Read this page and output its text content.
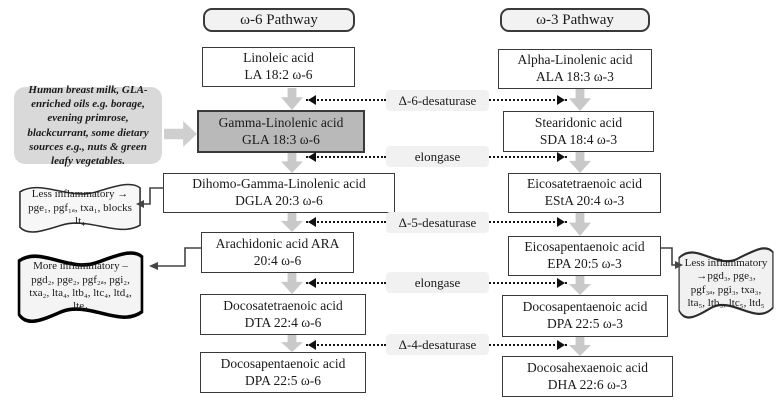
ω-6 Pathway	ω-3 Pathway
Linoleic acid
LA 18:2 ω-6
Gamma-Linolenic acid
GLA 18:3 ω-6
Dihomo-Gamma-Linolenic acid
DGLA 20:3 ω-6
Arachidonic acid ARA
20:4 ω-6
Docosatetraenoic acid
DTA 22:4 ω-6
Docosapentaenoic acid
DPA 22:5 ω-6
Alpha-Linolenic acid
ALA 18:3 ω-3
Stearidonic acid
SDA 18:4 ω-3
Eicosatetraenoic acid
EStA 20:4 ω-3
Eicosapentaenoic acid
EPA 20:5 ω-3
Docosapentaenoic acid
DPA 22:5 ω-3
Docosahexaenoic acid
DHA 22:6 ω-3
Δ-6-desaturase
elongase
Δ-5-desaturase
elongase
Δ-4-desaturase
Human breast milk, GLA-enriched oils e.g. borage, evening primrose, blackcurrant, some dietary sources e.g., nuts & green leafy vegetables.
Less inflammatory →
pge₁, pgf₁ₐ, txa₁, blocks lt₄
More inflammatory –
pgd₂, pge₂, pgf₂ₐ, pgi₂, txa₂, lta₄, ltb₄, ltc₄, ltd₄, lte₄
Less inflammatory
→pgd₃, pge₃, pgf₃ₐ, pgi₃, txa₃, lta₅, ltb₅, ltc₅, ltd₅
